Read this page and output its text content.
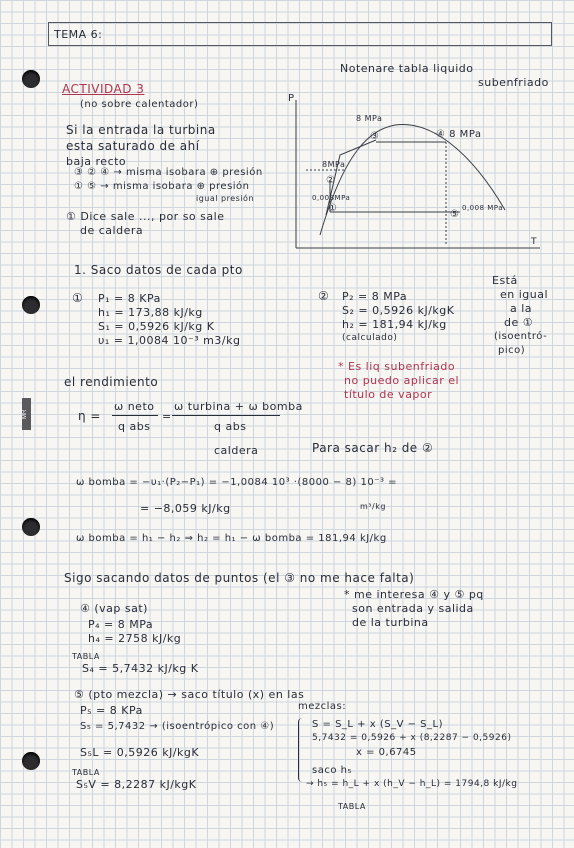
MR
TEMA 6:
Notenare tabla liquido
subenfriado
ACTIVIDAD 3
(no sobre calentador)
Si la entrada la turbina
esta saturado de ahí
baja recto
③ ② ④ → misma isobara ⊕ presión
① ⑤ → misma isobara ⊕ presión
igual presión
① Dice sale ..., por so sale
de caldera
P
T
8 MPa
8MPa
0,008MPa
③	④ 8 MPa
②
①
⑤
0,008 MPa
1. Saco datos de cada pto
① P₁ = 8 KPa
h₁ = 173,88 kJ/kg
S₁ = 0,5926 kJ/kg K
υ₁ = 1,0084 10⁻³ m3/kg
② P₂ = 8 MPa
S₂ = 0,5926 kJ/kgK
h₂ = 181,94 kJ/kg
(calculado)
Está
en igual
a la
de ①
(isoentró-
pico)
* Es liq subenfriado
no puedo aplicar el
título de vapor
el rendimiento
η =
ω neto
q abs
=
ω turbina + ω bomba
q abs
caldera	Para sacar h₂ de ②
ω bomba = −υ₁·(P₂−P₁) = −1,0084 10³ ·(8000 − 8) 10⁻³ =
= −8,059 kJ/kg	m³/kg
ω bomba = h₁ − h₂ ⇒ h₂ = h₁ − ω bomba = 181,94 kJ/kg
Sigo sacando datos de puntos (el ③ no me hace falta)
* me interesa ④ y ⑤ pq
son entrada y salida
de la turbina
④ (vap sat)
P₄ = 8 MPa
h₄ = 2758 kJ/kg
TABLA
S₄ = 5,7432 kJ/kg K
⑤ (pto mezcla) → saco título (x) en las
mezclas:
P₅ = 8 KPa
S₅ = 5,7432 → (isoentrópico con ④)
S₅L = 0,5926 kJ/kgK
TABLA
S₅V = 8,2287 kJ/kgK
S = S_L + x (S_V − S_L)
5,7432 = 0,5926 + x (8,2287 − 0,5926)
x = 0,6745
saco h₅
→ h₅ = h_L + x (h_V − h_L) = 1794,8 kJ/kg
TABLA
